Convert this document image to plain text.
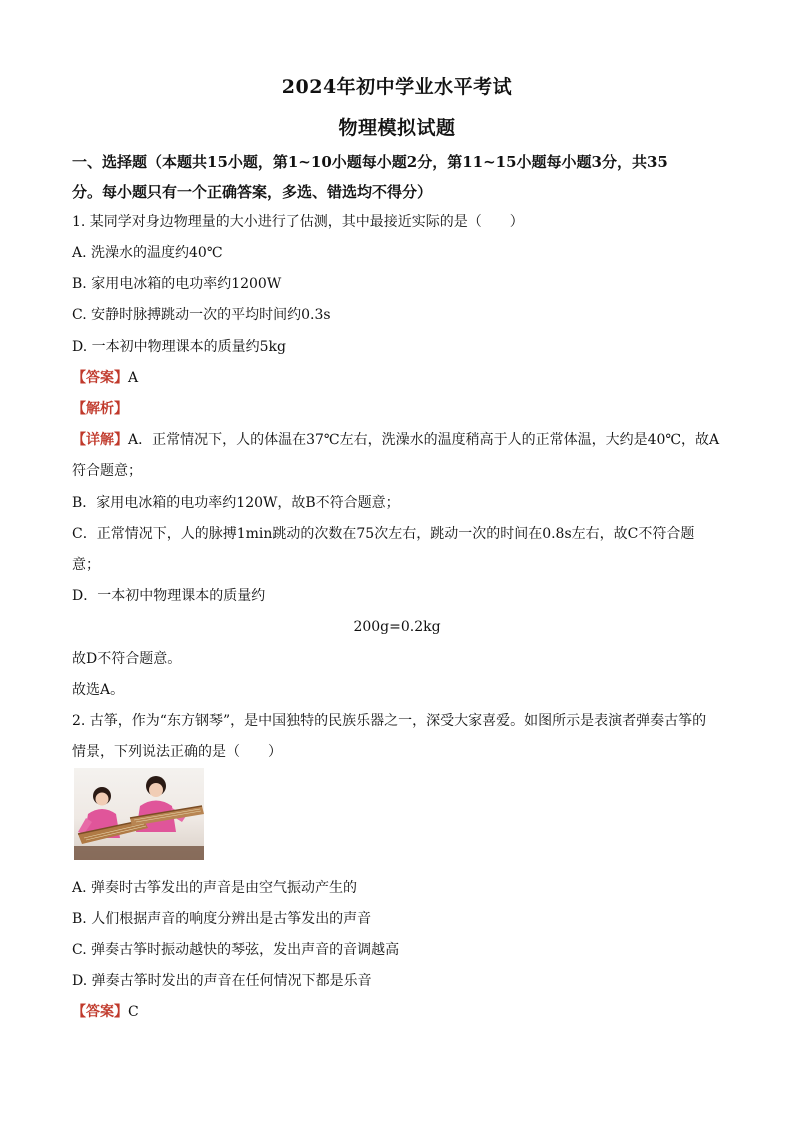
2024年初中学业水平考试
物理模拟试题
一、选择题（本题共15小题，第1~10小题每小题2分，第11~15小题每小题3分，共35
分。每小题只有一个正确答案，多选、错选均不得分）
1. 某同学对身边物理量的大小进行了估测，其中最接近实际的是（　　）
A. 洗澡水的温度约40℃
B. 家用电冰箱的电功率约1200W
C. 安静时脉搏跳动一次的平均时间约0.3s
D. 一本初中物理课本的质量约5kg
【答案】A
【解析】
【详解】A．正常情况下，人的体温在37℃左右，洗澡水的温度稍高于人的正常体温，大约是40℃，故A
符合题意；
B．家用电冰箱的电功率约120W，故B不符合题意；
C．正常情况下，人的脉搏1min跳动的次数在75次左右，跳动一次的时间在0.8s左右，故C不符合题
意；
D．一本初中物理课本的质量约
200g=0.2kg
故D不符合题意。
故选A。
2. 古筝，作为“东方钢琴”，是中国独特的民族乐器之一，深受大家喜爱。如图所示是表演者弹奏古筝的
情景，下列说法正确的是（　　）
A. 弹奏时古筝发出的声音是由空气振动产生的
B. 人们根据声音的响度分辨出是古筝发出的声音
C. 弹奏古筝时振动越快的琴弦，发出声音的音调越高
D. 弹奏古筝时发出的声音在任何情况下都是乐音
【答案】C
